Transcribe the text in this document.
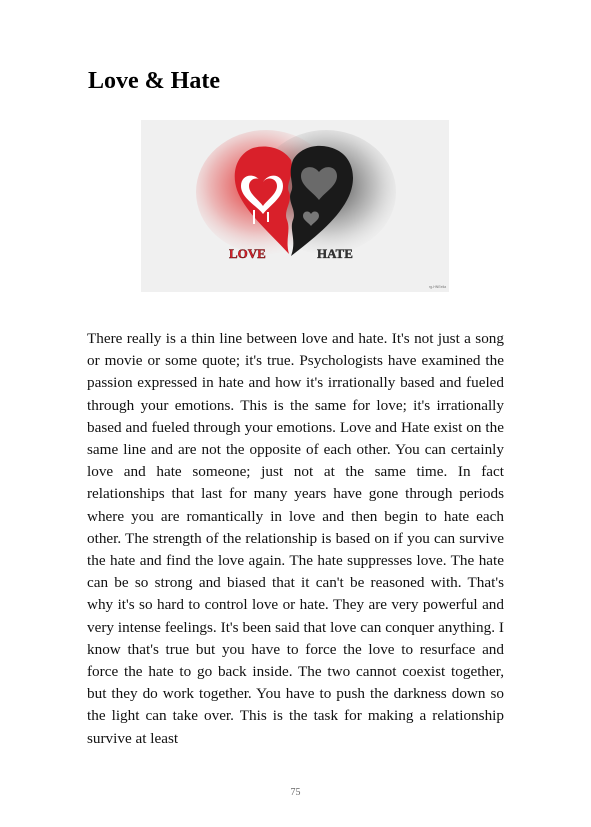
Love & Hate
LOVE	HATE
rg-HNEelia

There really is a thin line between love and hate. It's not just a song or movie or some quote; it's true. Psychologists have examined the passion expressed in hate and how it's irrationally based and fueled through your emotions. This is the same for love; it's irrationally based and fueled through your emotions. Love and Hate exist on the same line and are not the opposite of each other. You can certainly love and hate someone; just not at the same time. In fact relationships that last for many years have gone through periods where you are romantically in love and then begin to hate each other. The strength of the relationship is based on if you can survive the hate and find the love again. The hate suppresses love. The hate can be so strong and biased that it can't be reasoned with. That's why it's so hard to control love or hate. They are very powerful and very intense feelings. It's been said that love can conquer anything. I know that's true but you have to force the love to resurface and force the hate to go back inside. The two cannot coexist together, but they do work together. You have to push the darkness down so the light can take over. This is the task for making a relationship survive at least

75
